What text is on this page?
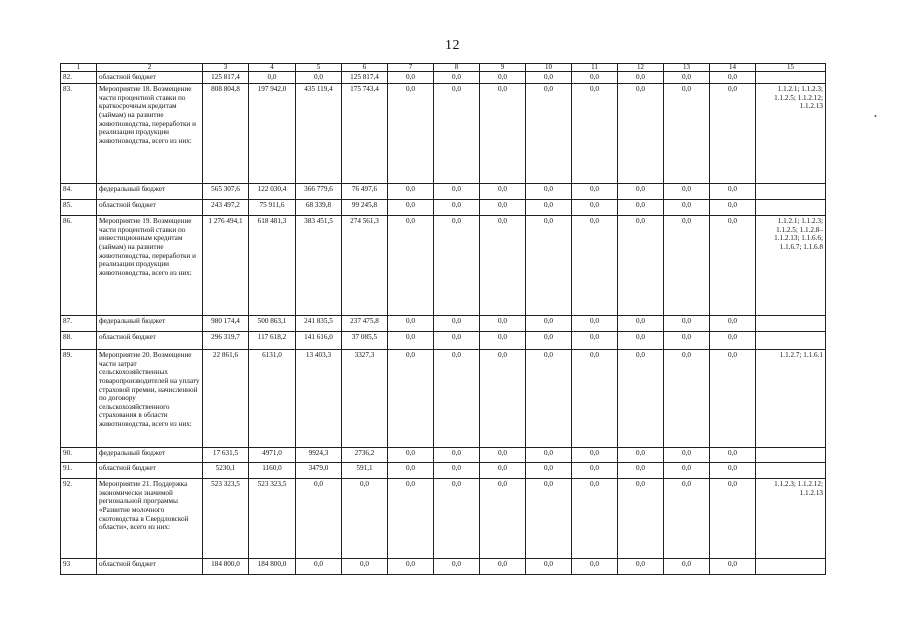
12
1	2	3	4	5	6	7	8	9	10	11	12	13	14	15
82.	областной бюджет	125 817,4	0,0	0,0	125 817,4	0,0	0,0	0,0	0,0	0,0	0,0	0,0	0,0	
83.	Мероприятие 18. Возмещение части процентной ставки по краткосрочным кредитам (займам) на развитие животноводства, переработки и реализации продукции животноводства, всего из них:	808 804,8	197 942,0	435 119,4	175 743,4	0,0	0,0	0,0	0,0	0,0	0,0	0,0	0,0	1.1.2.1; 1.1.2.3; 1.1.2.5; 1.1.2.12; 1.1.2.13
84.	федеральный бюджет	565 307,6	122 030,4	366 779,6	76 497,6	0,0	0,0	0,0	0,0	0,0	0,0	0,0	0,0	
85.	областной бюджет	243 497,2	75 911,6	68 339,8	99 245,8	0,0	0,0	0,0	0,0	0,0	0,0	0,0	0,0	
86.	Мероприятие 19. Возмещение части процентной ставки по инвестиционным кредитам (займам) на развитие животноводства, переработки и реализации продукции животноводства, всего из них:	1 276 494,1	618 481,3	383 451,5	274 561,3	0,0	0,0	0,0	0,0	0,0	0,0	0,0	0,0	1.1.2.1; 1.1.2.3; 1.1.2.5; 1.1.2.8– 1.1.2.13; 1.1.6.6; 1.1.6.7; 1.1.6.8
87.	федеральный бюджет	980 174,4	500 863,1	241 835,5	237 475,8	0,0	0,0	0,0	0,0	0,0	0,0	0,0	0,0	
88.	областной бюджет	296 319,7	117 618,2	141 616,0	37 085,5	0,0	0,0	0,0	0,0	0,0	0,0	0,0	0,0	
89.	Мероприятие 20. Возмещение части затрат сельскохозяйственных товаропроизводителей на уплату страховой премии, начисленной по договору сельскохозяйственного страхования в области животноводства, всего из них:	22 861,6	6131,0	13 403,3	3327,3	0,0	0,0	0,0	0,0	0,0	0,0	0,0	0,0	1.1.2.7; 1.1.6.1
90.	федеральный бюджет	17 631,5	4971,0	9924,3	2736,2	0,0	0,0	0,0	0,0	0,0	0,0	0,0	0,0	
91.	областной бюджет	5230,1	1160,0	3479,0	591,1	0,0	0,0	0,0	0,0	0,0	0,0	0,0	0,0	
92.	Мероприятие 21. Поддержка экономически значимой региональной программы «Развитие молочного скотоводства в Свердловской области», всего из них:	523 323,5	523 323,5	0,0	0,0	0,0	0,0	0,0	0,0	0,0	0,0	0,0	0,0	1.1.2.3; 1.1.2.12; 1.1.2.13
93	областной бюджет	184 800,0	184 800,0	0,0	0,0	0,0	0,0	0,0	0,0	0,0	0,0	0,0	0,0	
•
